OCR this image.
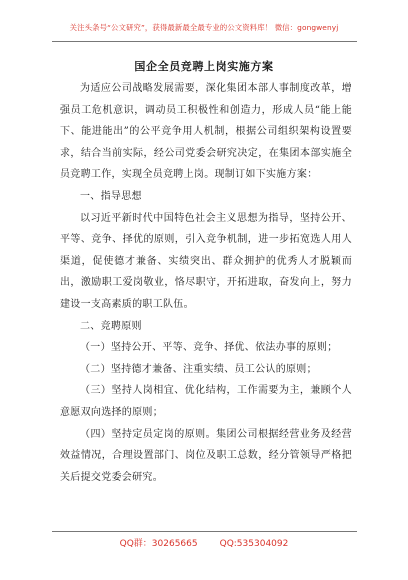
关注头条号“公文研究”，获得最新最全最专业的公文资料库！ 微信：gongwenyj
国企全员竞聘上岗实施方案

为适应公司战略发展需要，深化集团本部人事制度改革，增强员工危机意识，调动员工积极性和创造力，形成人员“能上能下、能进能出”的公平竞争用人机制，根据公司组织架构设置要求，结合当前实际，经公司党委会研究决定，在集团本部实施全员竞聘工作，实现全员竞聘上岗。现制订如下实施方案：

一、指导思想

以习近平新时代中国特色社会主义思想为指导，坚持公开、平等、竞争、择优的原则，引入竞争机制，进一步拓宽选人用人渠道，促使德才兼备、实绩突出、群众拥护的优秀人才脱颖而出，激励职工爱岗敬业，恪尽职守，开拓进取，奋发向上，努力建设一支高素质的职工队伍。

二、竞聘原则

（一）坚持公开、平等、竞争、择优、依法办事的原则；

（二）坚持德才兼备、注重实绩、员工公认的原则；

（三）坚持人岗相宜、优化结构，工作需要为主，兼顾个人意愿双向选择的原则；

（四）坚持定员定岗的原则。集团公司根据经营业务及经营效益情况，合理设置部门、岗位及职工总数，经分管领导严格把关后提交党委会研究。

QQ群：30265665 QQ:535304092
